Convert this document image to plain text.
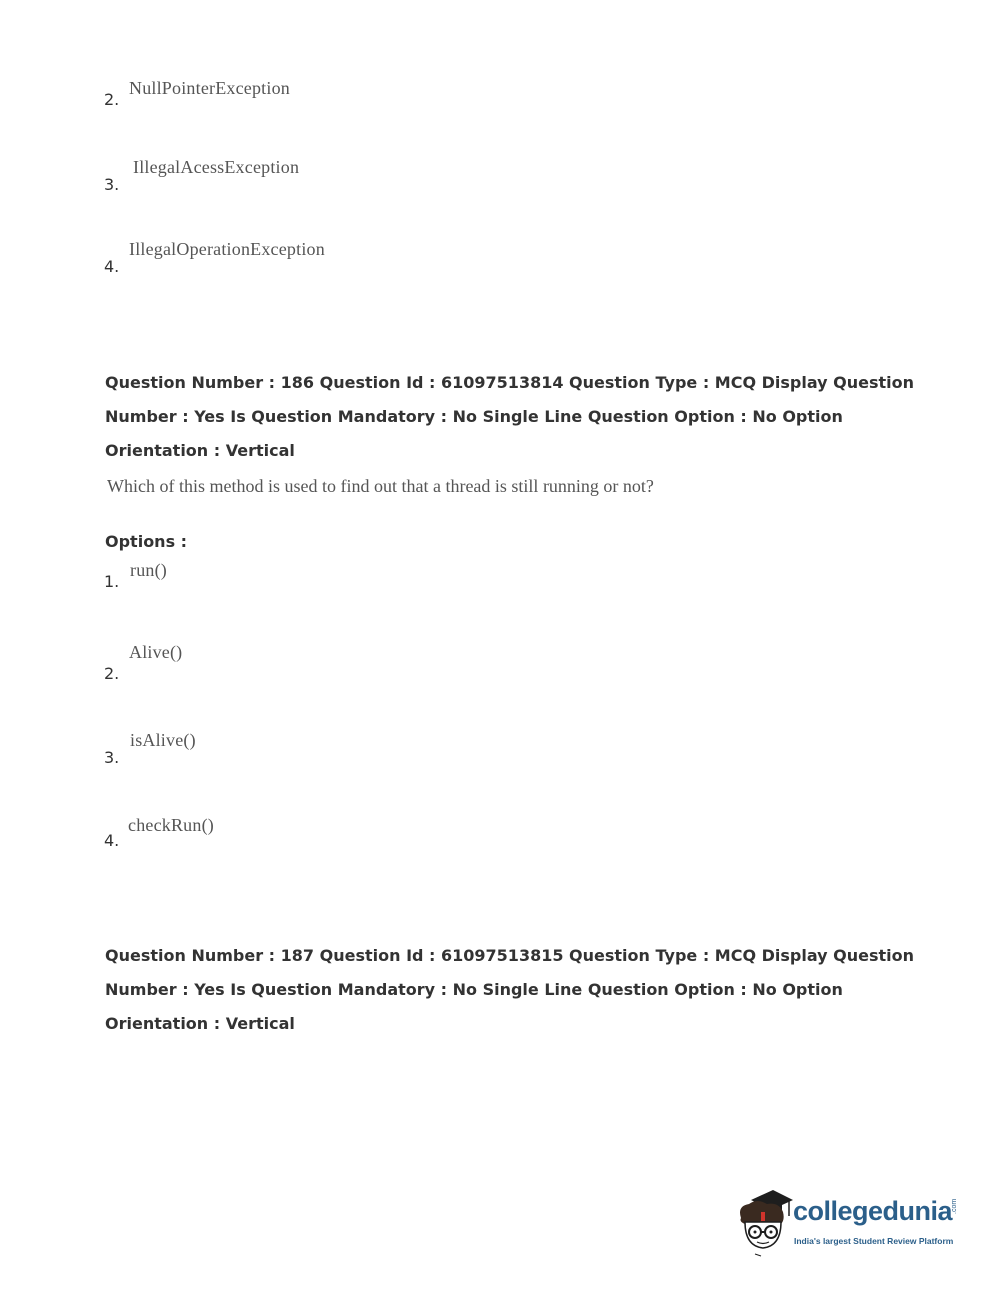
2.
NullPointerException
3.
IllegalAcessException
4.
IllegalOperationException
Question Number : 186 Question Id : 61097513814 Question Type : MCQ Display Question
Number : Yes Is Question Mandatory : No Single Line Question Option : No Option
Orientation : Vertical
Which of this method is used to find out that a thread is still running or not?
Options :
1.
run()
2.
Alive()
3.
isAlive()
4.
checkRun()
Question Number : 187 Question Id : 61097513815 Question Type : MCQ Display Question
Number : Yes Is Question Mandatory : No Single Line Question Option : No Option
Orientation : Vertical
collegedunia
.com
India's largest Student Review Platform
